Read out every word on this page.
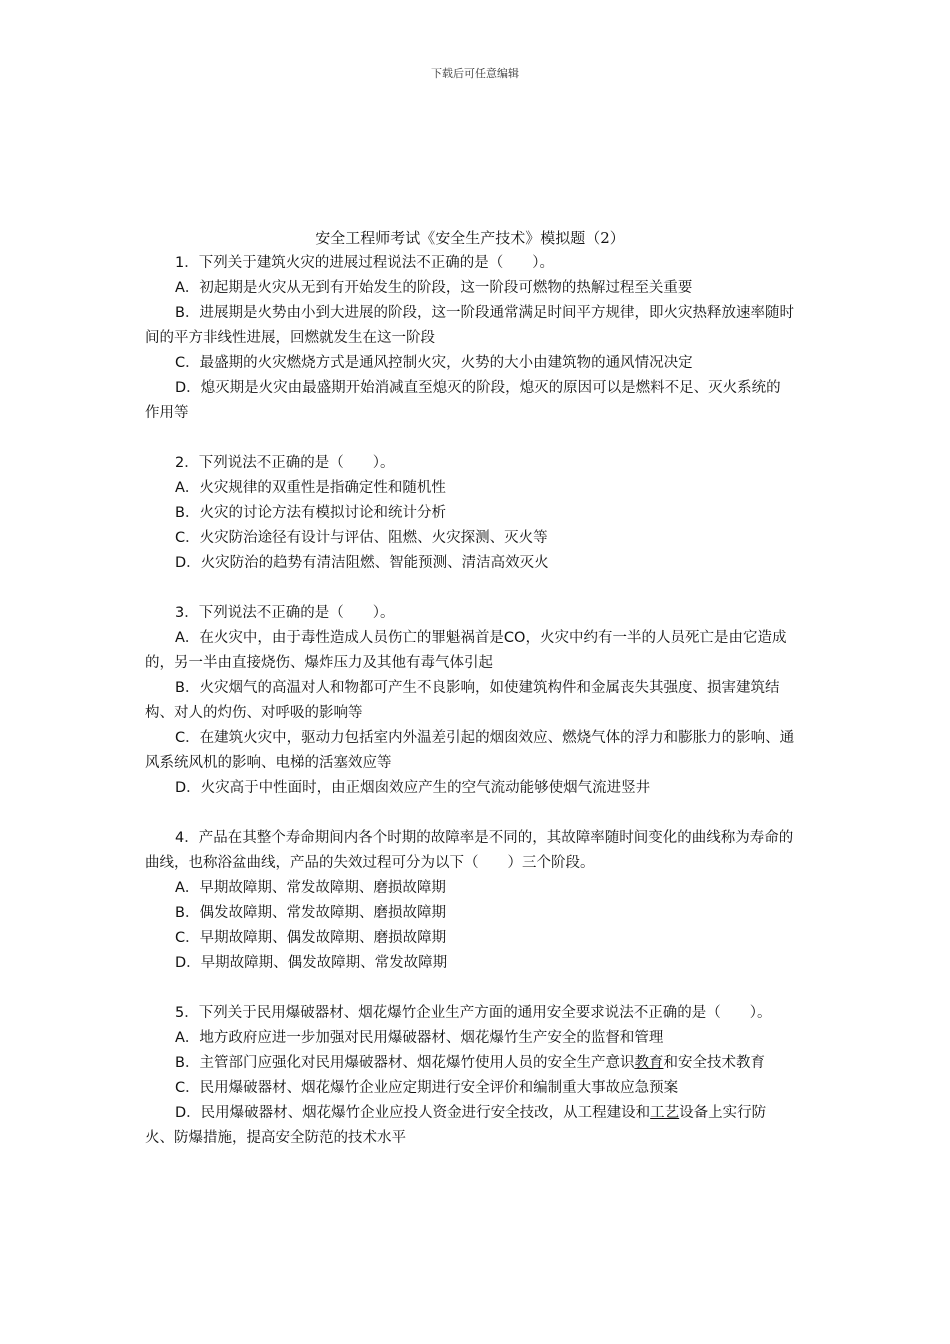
下载后可任意编辑
安全工程师考试《安全生产技术》模拟题（2）

1．下列关于建筑火灾的进展过程说法不正确的是（　　）。

A．初起期是火灾从无到有开始发生的阶段，这一阶段可燃物的热解过程至关重要

B．进展期是火势由小到大进展的阶段，这一阶段通常满足时间平方规律，即火灾热释放速率随时间的平方非线性进展，回燃就发生在这一阶段

C．最盛期的火灾燃烧方式是通风控制火灾，火势的大小由建筑物的通风情况决定

D．熄灭期是火灾由最盛期开始消减直至熄灭的阶段，熄灭的原因可以是燃料不足、灭火系统的作用等

2．下列说法不正确的是（　　）。

A．火灾规律的双重性是指确定性和随机性

B．火灾的讨论方法有模拟讨论和统计分析

C．火灾防治途径有设计与评估、阻燃、火灾探测、灭火等

D．火灾防治的趋势有清洁阻燃、智能预测、清洁高效灭火

3．下列说法不正确的是（　　）。

A．在火灾中，由于毒性造成人员伤亡的罪魁祸首是CO，火灾中约有一半的人员死亡是由它造成的，另一半由直接烧伤、爆炸压力及其他有毒气体引起

B．火灾烟气的高温对人和物都可产生不良影响，如使建筑构件和金属丧失其强度、损害建筑结构、对人的灼伤、对呼吸的影响等

C．在建筑火灾中，驱动力包括室内外温差引起的烟囱效应、燃烧气体的浮力和膨胀力的影响、通风系统风机的影响、电梯的活塞效应等

D．火灾高于中性面时，由正烟囱效应产生的空气流动能够使烟气流进竖井

4．产品在其整个寿命期间内各个时期的故障率是不同的，其故障率随时间变化的曲线称为寿命的曲线，也称浴盆曲线，产品的失效过程可分为以下（　　）三个阶段。

A．早期故障期、常发故障期、磨损故障期

B．偶发故障期、常发故障期、磨损故障期

C．早期故障期、偶发故障期、磨损故障期

D．早期故障期、偶发故障期、常发故障期

5．下列关于民用爆破器材、烟花爆竹企业生产方面的通用安全要求说法不正确的是（　　）。

A．地方政府应进一步加强对民用爆破器材、烟花爆竹生产安全的监督和管理

B．主管部门应强化对民用爆破器材、烟花爆竹使用人员的安全生产意识教育和安全技术教育

C．民用爆破器材、烟花爆竹企业应定期进行安全评价和编制重大事故应急预案

D．民用爆破器材、烟花爆竹企业应投人资金进行安全技改，从工程建设和工艺设备上实行防火、防爆措施，提高安全防范的技术水平
